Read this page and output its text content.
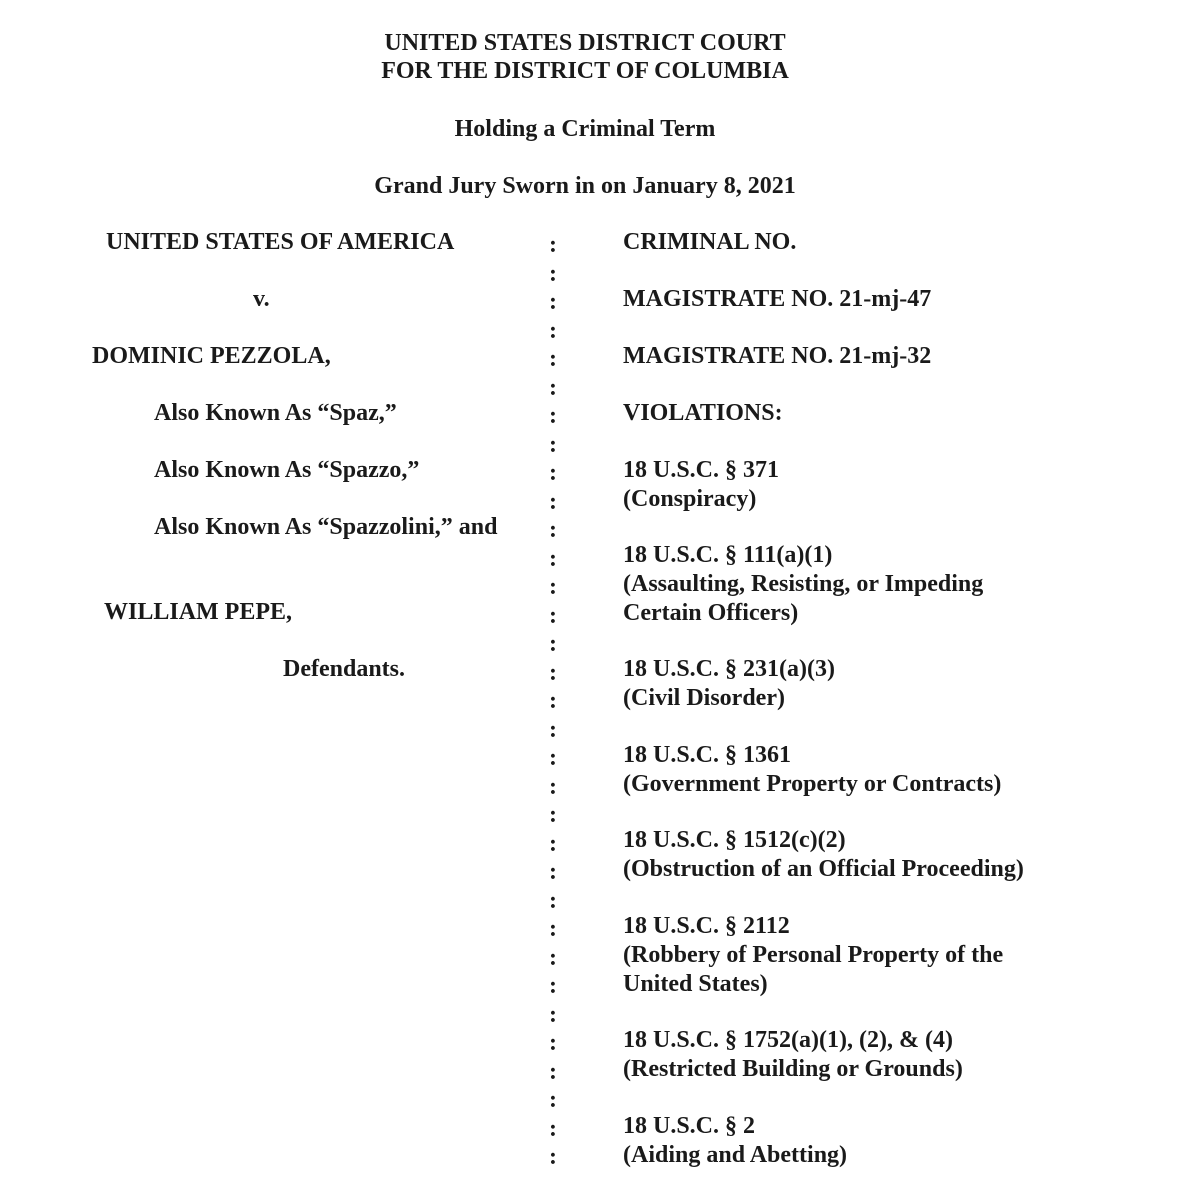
UNITED STATES DISTRICT COURT
FOR THE DISTRICT OF COLUMBIA
Holding a Criminal Term
Grand Jury Sworn in on January 8, 2021
UNITED STATES OF AMERICA
v.
DOMINIC PEZZOLA,
Also Known As “Spaz,”
Also Known As “Spazzo,”
Also Known As “Spazzolini,” and
WILLIAM PEPE,
Defendants.
:
:
:
:
:
:
:
:
:
:
:
:
:
:
:
:
:
:
:
:
:
:
:
:
:
:
:
:
:
:
:
:
:
CRIMINAL NO.
MAGISTRATE NO. 21-mj-47
MAGISTRATE NO. 21-mj-32
VIOLATIONS:
18 U.S.C. § 371
(Conspiracy)
18 U.S.C. § 111(a)(1)
(Assaulting, Resisting, or Impeding
Certain Officers)
18 U.S.C. § 231(a)(3)
(Civil Disorder)
18 U.S.C. § 1361
(Government Property or Contracts)
18 U.S.C. § 1512(c)(2)
(Obstruction of an Official Proceeding)
18 U.S.C. § 2112
(Robbery of Personal Property of the
United States)
18 U.S.C. § 1752(a)(1), (2), & (4)
(Restricted Building or Grounds)
18 U.S.C. § 2
(Aiding and Abetting)
